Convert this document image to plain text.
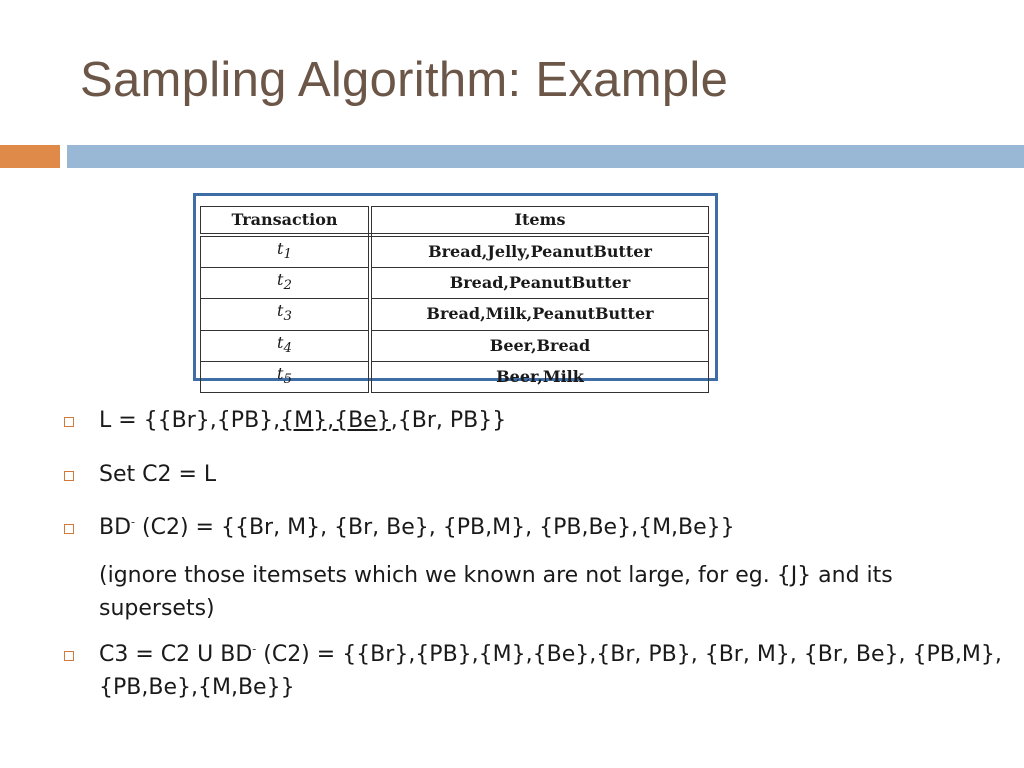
Sampling Algorithm: Example
Transaction	Items
$t_1$	Bread,Jelly,PeanutButter
$t_2$	Bread,PeanutButter
$t_3$	Bread,Milk,PeanutButter
$t_4$	Beer,Bread
$t_5$	Beer,Milk
L = {{Br},{PB},{M},{Be},{Br, PB}}
Set C2 = L
BD- (C2) = {{Br, M}, {Br, Be}, {PB,M}, {PB,Be},{M,Be}}
(ignore those itemsets which we known are not large, for eg. {J} and its supersets)
C3 = C2 U BD- (C2) = {{Br},{PB},{M},{Be},{Br, PB}, {Br, M}, {Br, Be}, {PB,M}, {PB,Be},{M,Be}}
